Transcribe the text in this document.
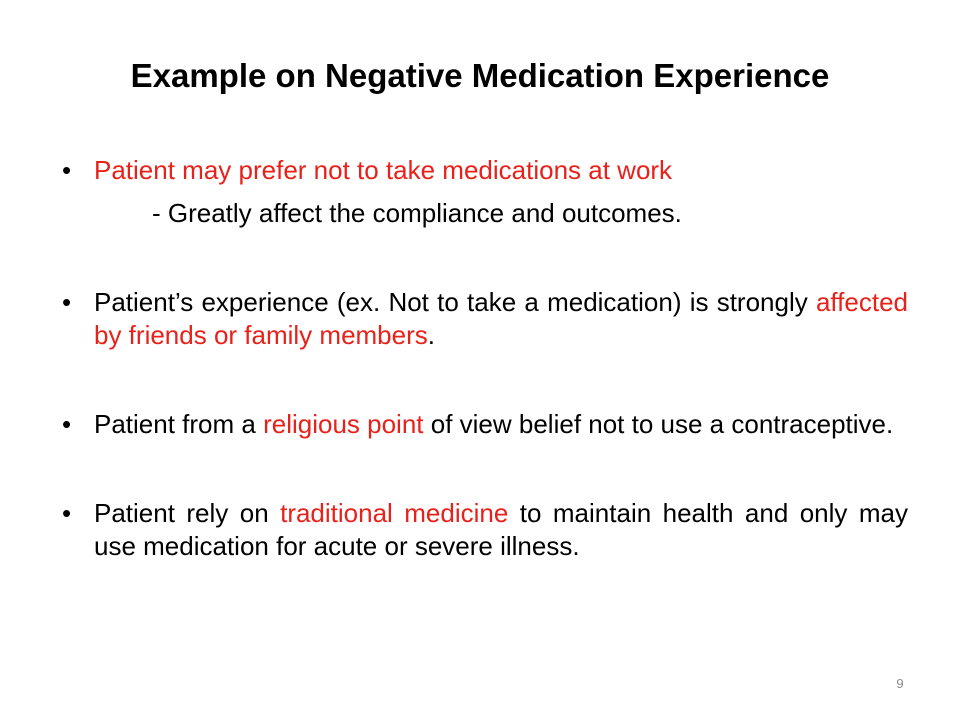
Example on Negative Medication Experience
• Patient may prefer not to take medications at work
- Greatly affect the compliance and outcomes.
• Patient’s experience (ex. Not to take a medication) is strongly affected by friends or family members.
• Patient from a religious point of view belief not to use a contraceptive.
• Patient rely on traditional medicine to maintain health and only may use medication for acute or severe illness.
9
